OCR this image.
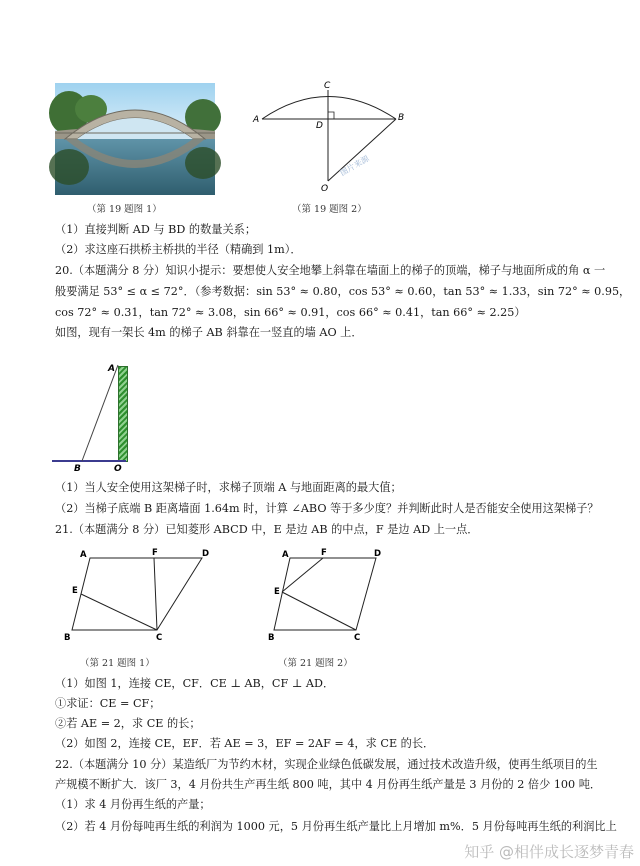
（第 19 题图 1）
A	B
C
D
O
图片来源
（第 19 题图 2）
（1）直接判断 AD 与 BD 的数量关系；
（2）求这座石拱桥主桥拱的半径（精确到 1m）．
20.（本题满分 8 分）知识小提示：要想使人安全地攀上斜靠在墙面上的梯子的顶端，梯子与地面所成的角 α 一
般要满足 53° ≤ α ≤ 72°．（参考数据：sin 53° ≈ 0.80，cos 53° ≈ 0.60，tan 53° ≈ 1.33，sin 72° ≈ 0.95，
cos 72° ≈ 0.31，tan 72° ≈ 3.08，sin 66° ≈ 0.91，cos 66° ≈ 0.41，tan 66° ≈ 2.25）
如图，现有一架长 4m 的梯子 AB 斜靠在一竖直的墙 AO 上．
A
B	O
（1）当人安全使用这架梯子时，求梯子顶端 A 与地面距离的最大值；
（2）当梯子底端 B 距离墙面 1.64m 时，计算 ∠ABO 等于多少度？并判断此时人是否能安全使用这架梯子？
21.（本题满分 8 分）已知菱形 ABCD 中，E 是边 AB 的中点，F 是边 AD 上一点．
A	F	D
E
B	C
（第 21 题图 1）
A	F	D
E
B	C
（第 21 题图 2）
（1）如图 1，连接 CE，CF．CE ⊥ AB，CF ⊥ AD．
①求证：CE = CF；
②若 AE = 2，求 CE 的长；
（2）如图 2，连接 CE，EF．若 AE = 3，EF = 2AF = 4，求 CE 的长．
22.（本题满分 10 分）某造纸厂为节约木材，实现企业绿色低碳发展，通过技术改造升级，使再生纸项目的生
产规模不断扩大．该厂 3，4 月份共生产再生纸 800 吨，其中 4 月份再生纸产量是 3 月份的 2 倍少 100 吨．
（1）求 4 月份再生纸的产量；
（2）若 4 月份每吨再生纸的利润为 1000 元，5 月份再生纸产量比上月增加 m%．5 月份每吨再生纸的利润比上
知乎 @相伴成长逐梦青春
